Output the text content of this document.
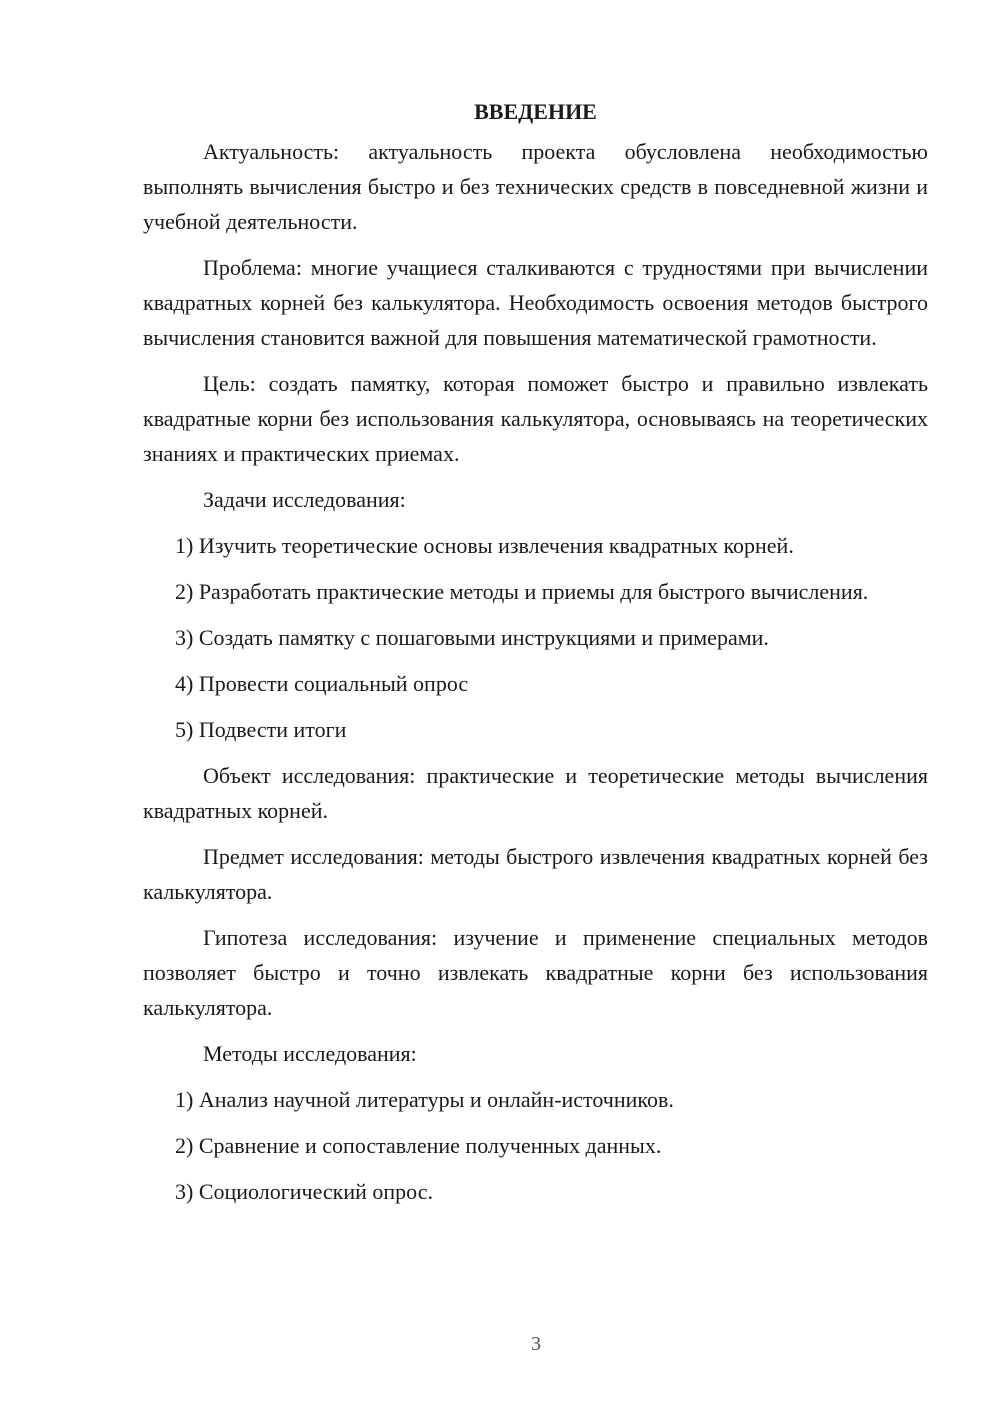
ВВЕДЕНИЕ

Актуальность: актуальность проекта обусловлена необходимостью выполнять вычисления быстро и без технических средств в повседневной жизни и учебной деятельности.

Проблема: многие учащиеся сталкиваются с трудностями при вычислении квадратных корней без калькулятора. Необходимость освоения методов быстрого вычисления становится важной для повышения математической грамотности.

Цель: создать памятку, которая поможет быстро и правильно извлекать квадратные корни без использования калькулятора, основываясь на теоретических знаниях и практических приемах.

Задачи исследования:

1) Изучить теоретические основы извлечения квадратных корней.

2) Разработать практические методы и приемы для быстрого вычисления.

3) Создать памятку с пошаговыми инструкциями и примерами.

4) Провести социальный опрос

5) Подвести итоги

Объект исследования: практические и теоретические методы вычисления квадратных корней.

Предмет исследования: методы быстрого извлечения квадратных корней без калькулятора.

Гипотеза исследования: изучение и применение специальных методов позволяет быстро и точно извлекать квадратные корни без использования калькулятора.

Методы исследования:

1) Анализ научной литературы и онлайн-источников.

2) Сравнение и сопоставление полученных данных.

3) Социологический опрос.

3
